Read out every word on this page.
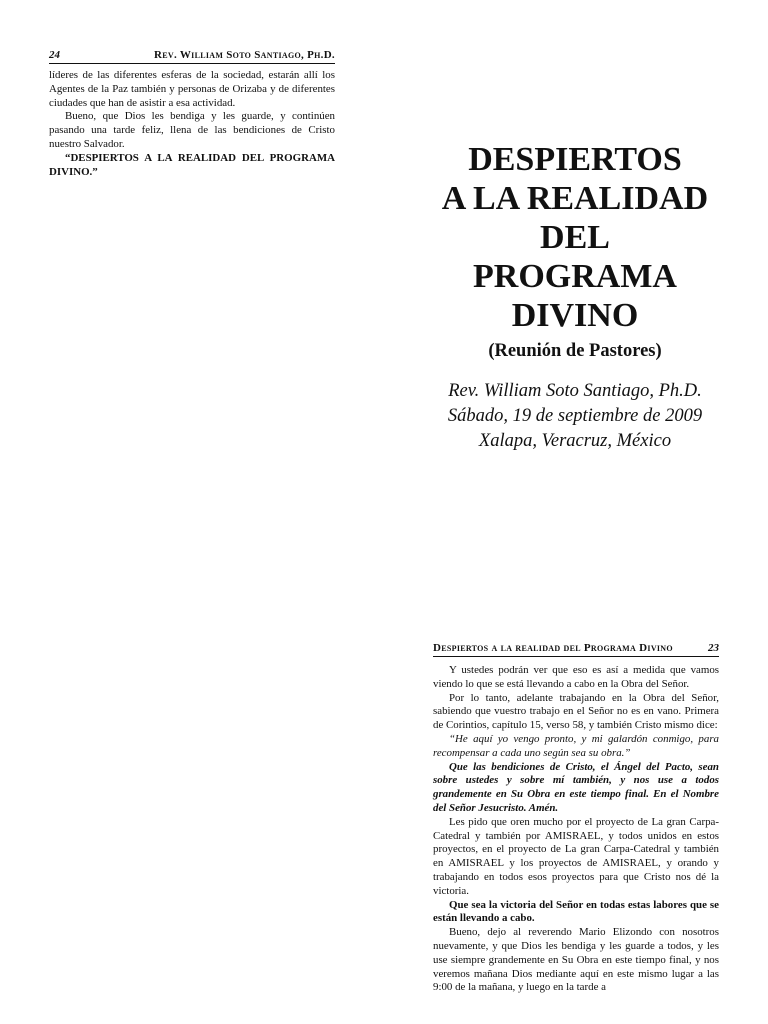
24	Rev. William Soto Santiago, Ph.D.

líderes de las diferentes esferas de la sociedad, estarán allí los Agentes de la Paz también y personas de Orizaba y de diferentes ciudades que han de asistir a esa actividad.

Bueno, que Dios les bendiga y les guarde, y continúen pasando una tarde feliz, llena de las bendiciones de Cristo nuestro Salvador.

“DESPIERTOS A LA REALIDAD DEL PROGRAMA DIVINO.”	DESPIERTOS
A LA REALIDAD
DEL
PROGRAMA
DIVINO
(Reunión de Pastores)
Rev. William Soto Santiago, Ph.D.
Sábado, 19 de septiembre de 2009
Xalapa, Veracruz, México
Despiertos a la realidad del Programa Divino	23

Y ustedes podrán ver que eso es así a medida que vamos viendo lo que se está llevando a cabo en la Obra del Señor.

Por lo tanto, adelante trabajando en la Obra del Señor, sabiendo que vuestro trabajo en el Señor no es en vano. Primera de Corintios, capítulo 15, verso 58, y también Cristo mismo dice:

“He aquí yo vengo pronto, y mi galardón conmigo, para recompensar a cada uno según sea su obra.”

Que las bendiciones de Cristo, el Ángel del Pacto, sean sobre ustedes y sobre mí también, y nos use a todos grandemente en Su Obra en este tiempo final. En el Nombre del Señor Jesucristo. Amén.

Les pido que oren mucho por el proyecto de La gran Carpa-Catedral y también por AMISRAEL, y todos unidos en estos proyectos, en el proyecto de La gran Carpa-Catedral y también en AMISRAEL y los proyectos de AMISRAEL, y orando y trabajando en todos esos proyectos para que Cristo nos dé la victoria.

Que sea la victoria del Señor en todas estas labores que se están llevando a cabo.

Bueno, dejo al reverendo Mario Elizondo con nosotros nuevamente, y que Dios les bendiga y les guarde a todos, y les use siempre grandemente en Su Obra en este tiempo final, y nos veremos mañana Dios mediante aquí en este mismo lugar a las 9:00 de la mañana, y luego en la tarde a
